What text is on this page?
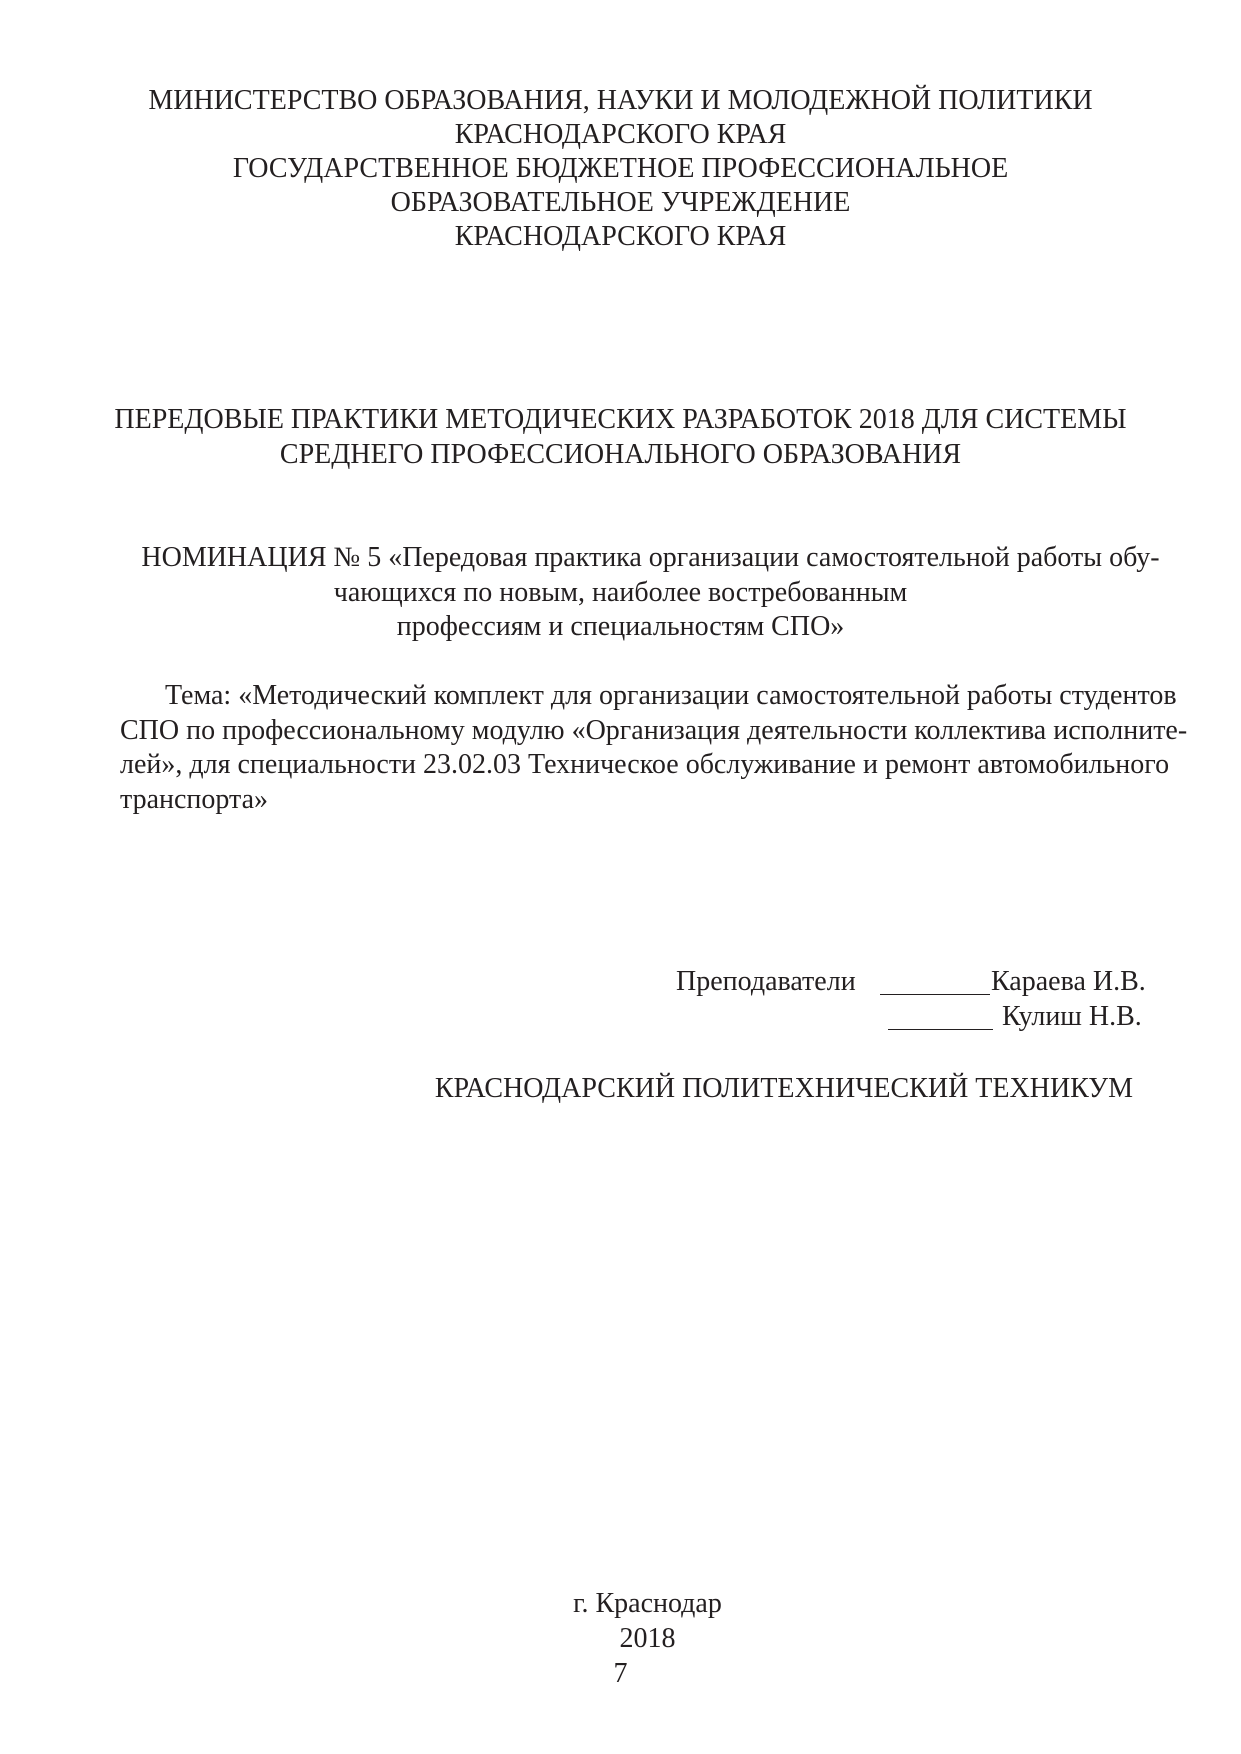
МИНИСТЕРСТВО ОБРАЗОВАНИЯ, НАУКИ И МОЛОДЕЖНОЙ ПОЛИТИКИ
КРАСНОДАРСКОГО КРАЯ
ГОСУДАРСТВЕННОЕ БЮДЖЕТНОЕ ПРОФЕССИОНАЛЬНОЕ
ОБРАЗОВАТЕЛЬНОЕ УЧРЕЖДЕНИЕ
КРАСНОДАРСКОГО КРАЯ
ПЕРЕДОВЫЕ ПРАКТИКИ МЕТОДИЧЕСКИХ РАЗРАБОТОК 2018 ДЛЯ СИСТЕМЫ
СРЕДНЕГО ПРОФЕССИОНАЛЬНОГО ОБРАЗОВАНИЯ
НОМИНАЦИЯ № 5 «Передовая практика организации самостоятельной работы обу-
чающихся по новым, наиболее востребованным
профессиям и специальностям СПО»
Тема: «Методический комплект для организации самостоятельной работы студентов
СПО по профессиональному модулю «Организация деятельности коллектива исполните-
лей», для специальности 23.02.03 Техническое обслуживание и ремонт автомобильного
транспорта»
Преподаватели	Караева И.В.
Кулиш Н.В.
КРАСНОДАРСКИЙ ПОЛИТЕХНИЧЕСКИЙ ТЕХНИКУМ
г. Краснодар
2018
7
